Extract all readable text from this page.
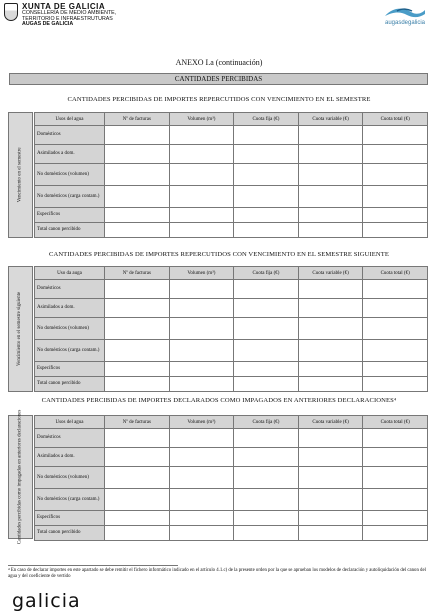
XUNTA DE GALICIA
CONSELLERÍA DE MEDIO AMBIENTE,
TERRITORIO E INFRAESTRUTURAS
AUGAS DE GALICIA	augasdegalicia
ANEXO I.a (continuación)
CANTIDADES PERCIBIDAS
CANTIDADES PERCIBIDAS DE IMPORTES REPERCUTIDOS CON VENCIMIENTO EN EL SEMESTRE
Vencimiento en el semestre
Usos del agua	Nº de facturas	Volumen (m³)	Cuota fija (€)	Cuota variable (€)	Cuota total (€)
Domésticos					
Asimilados a dom.					
No domésticos (volumen)					
No domésticos (carga contam.)					
Específicos					
Total canon percibido					
CANTIDADES PERCIBIDAS DE IMPORTES REPERCUTIDOS CON VENCIMIENTO EN EL SEMESTRE SIGUIENTE
Vencimiento en el semestre siguiente
Uso da auga	Nº de facturas	Volumen (m³)	Cuota fija (€)	Cuota variable (€)	Cuota total (€)
Domésticos					
Asimilados a dom.					
No domésticos (volumen)					
No domésticos (carga contam.)					
Específicos					
Total canon percibido					
CANTIDADES PERCIBIDAS DE IMPORTES DECLARADOS COMO IMPAGADOS EN ANTERIORES DECLARACIONES⁴
Cantidades percibidas como impagadas en anteriores declaraciones	Usos del agua	Nº de facturas	Volumen (m³)	Cuota fija (€)	Cuota variable (€)	Cuota total (€)
Domésticos					
Asimilados a dom.					
No domésticos (volumen)					
No domésticos (carga contam.)					
Específicos					
Total canon percibido					
⁴ En caso de declarar importes en este apartado se debe remitir el fichero informático indicado en el artículo 4.1.c) de la presente orden por la que se aprueban los modelos de declaración y autoliquidación del canon del agua y del coeficiente de vertido
galicia
